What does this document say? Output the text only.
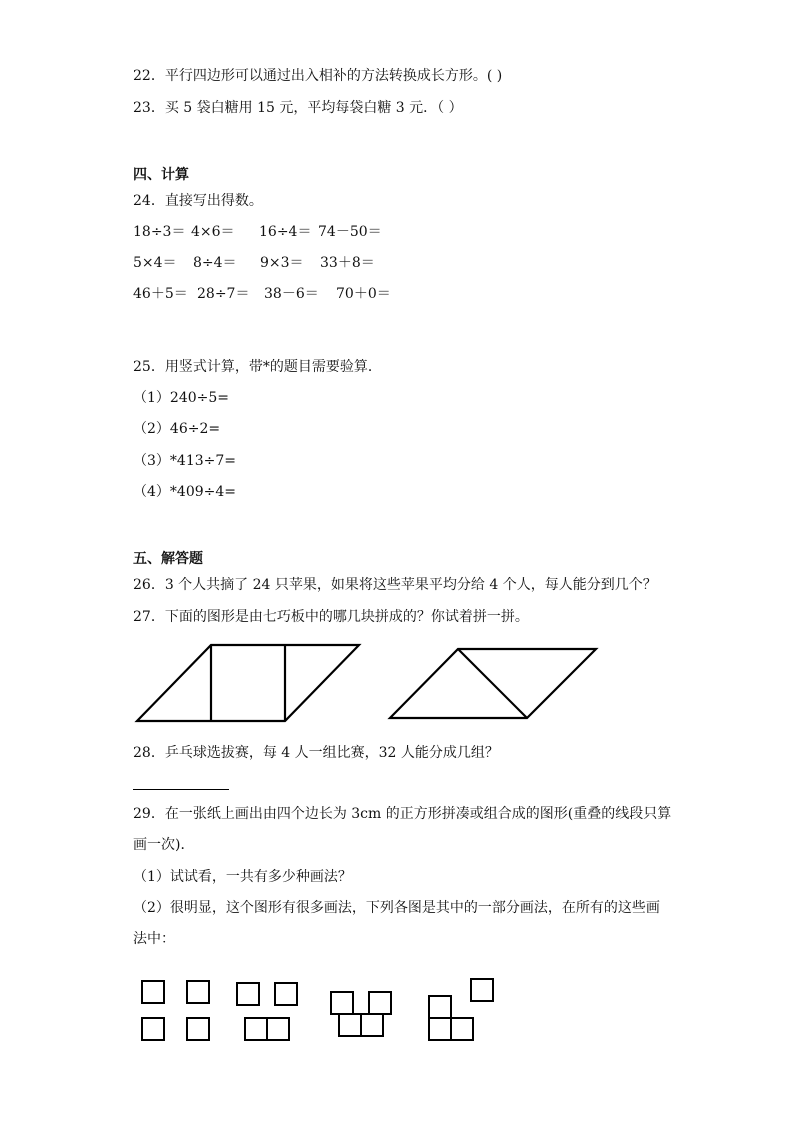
22．平行四边形可以通过出入相补的方法转换成长方形。( )
23．买 5 袋白糖用 15 元，平均每袋白糖 3 元．（ ）
四、计算
24．直接写出得数。
18÷3＝ 4×6＝ 16÷4＝ 74－50＝
5×4＝ 8÷4＝ 9×3＝ 33＋8＝
46＋5＝ 28÷7＝ 38－6＝ 70＋0＝
25．用竖式计算，带*的题目需要验算．
（1）240÷5=
（2）46÷2=
（3）*413÷7=
（4）*409÷4=
五、解答题
26．3 个人共摘了 24 只苹果，如果将这些苹果平均分给 4 个人，每人能分到几个？
27．下面的图形是由七巧板中的哪几块拼成的？你试着拼一拼。
28．乒乓球选拔赛，每 4 人一组比赛，32 人能分成几组？
29．在一张纸上画出由四个边长为 3cm 的正方形拼凑或组合成的图形(重叠的线段只算
画一次)．
（1）试试看，一共有多少种画法？
（2）很明显，这个图形有很多画法，下列各图是其中的一部分画法，在所有的这些画
法中：
